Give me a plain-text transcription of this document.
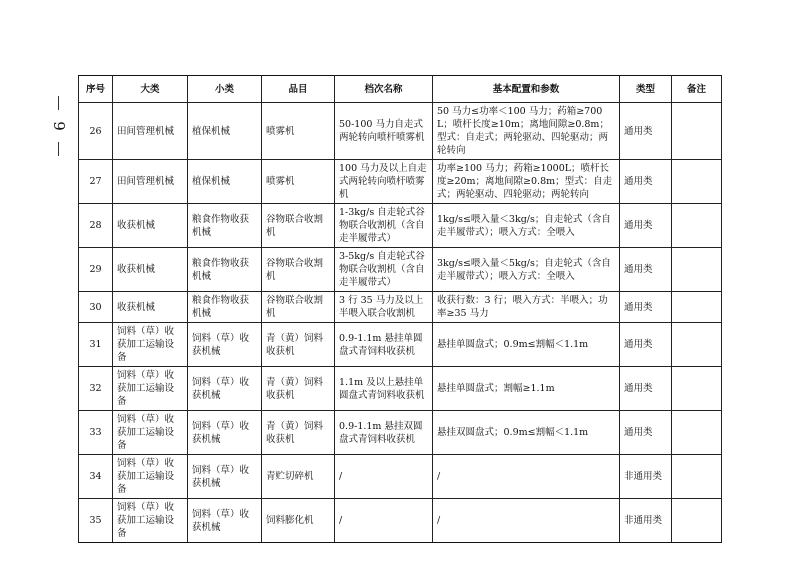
9
序号	大类	小类	品目	档次名称	基本配置和参数	类型	备注
26	田间管理机械	植保机械	喷雾机	50-100 马力自走式两轮转向喷杆喷雾机	50 马力≤功率＜100 马力；药箱≥700L；喷杆长度≥10m；离地间隙≥0.8m；型式：自走式；两轮驱动、四轮驱动；两轮转向	通用类	
27	田间管理机械	植保机械	喷雾机	100 马力及以上自走式两轮转向喷杆喷雾机	功率≥100 马力；药箱≥1000L；喷杆长度≥20m；离地间隙≥0.8m；型式：自走式；两轮驱动、四轮驱动；两轮转向	通用类	
28	收获机械	粮食作物收获机械	谷物联合收割机	1-3kg/s 自走轮式谷物联合收割机（含自走半履带式）	1kg/s≤喂入量＜3kg/s；自走轮式（含自走半履带式）；喂入方式：全喂入	通用类	
29	收获机械	粮食作物收获机械	谷物联合收割机	3-5kg/s 自走轮式谷物联合收割机（含自走半履带式）	3kg/s≤喂入量＜5kg/s；自走轮式（含自走半履带式）；喂入方式：全喂入	通用类	
30	收获机械	粮食作物收获机械	谷物联合收割机	3 行 35 马力及以上半喂入联合收割机	收获行数：3 行；喂入方式：半喂入；功率≥35 马力	通用类	
31	饲料（草）收获加工运输设备	饲料（草）收获机械	青（黄）饲料收获机	0.9-1.1m 悬挂单圆盘式青饲料收获机	悬挂单圆盘式；0.9m≤割幅＜1.1m	通用类	
32	饲料（草）收获加工运输设备	饲料（草）收获机械	青（黄）饲料收获机	1.1m 及以上悬挂单圆盘式青饲料收获机	悬挂单圆盘式；割幅≥1.1m	通用类	
33	饲料（草）收获加工运输设备	饲料（草）收获机械	青（黄）饲料收获机	0.9-1.1m 悬挂双圆盘式青饲料收获机	悬挂双圆盘式；0.9m≤割幅＜1.1m	通用类	
34	饲料（草）收获加工运输设备	饲料（草）收获机械	青贮切碎机	/	/	非通用类	
35	饲料（草）收获加工运输设备	饲料（草）收获机械	饲料膨化机	/	/	非通用类	
